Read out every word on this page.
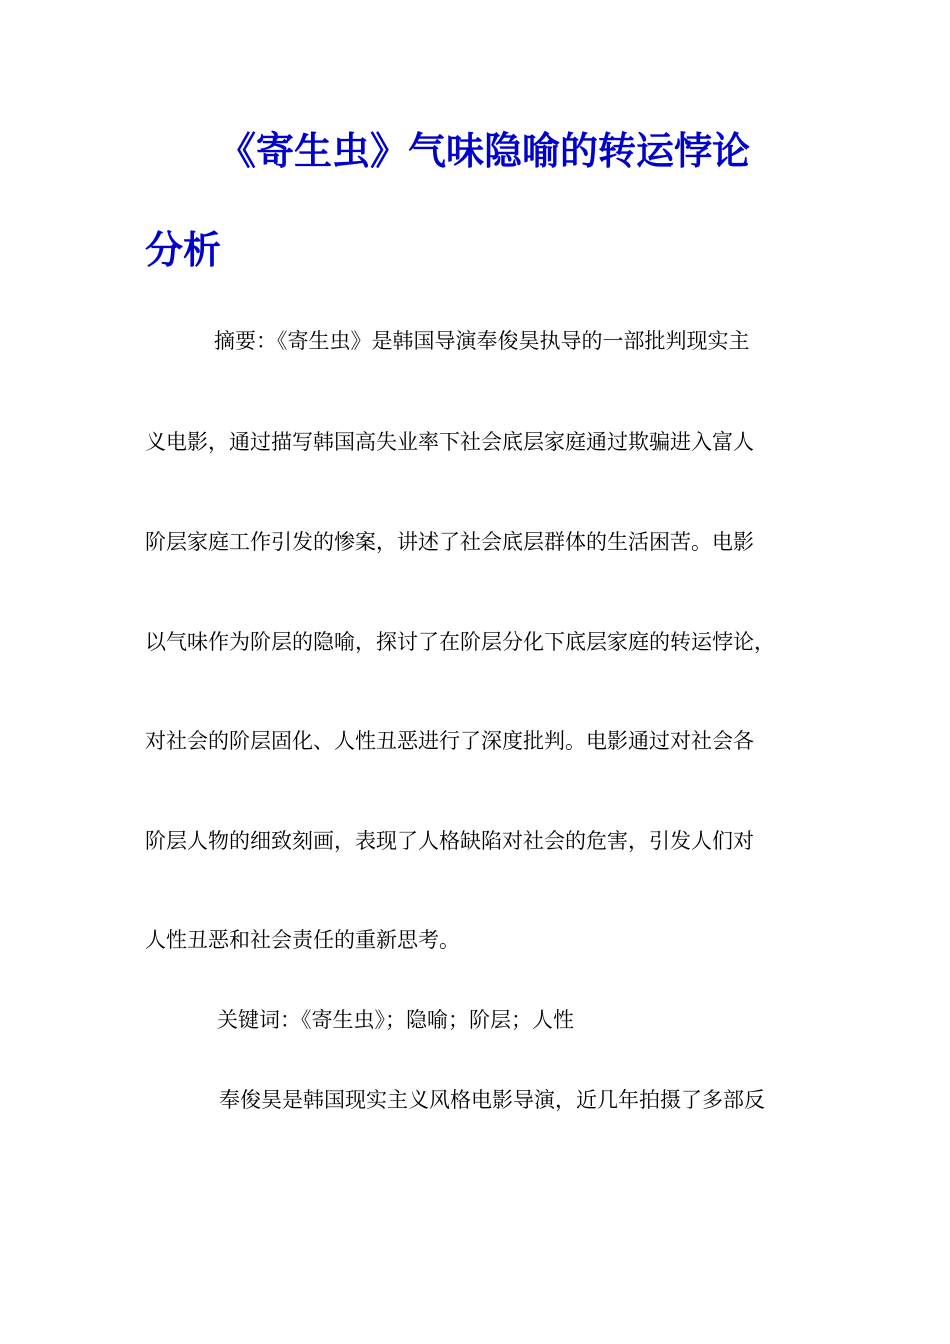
《寄生虫》气味隐喻的转运悖论
分析

摘要：《寄生虫》是韩国导演奉俊昊执导的一部批判现实主

义电影，通过描写韩国高失业率下社会底层家庭通过欺骗进入富人

阶层家庭工作引发的惨案，讲述了社会底层群体的生活困苦。电影

以气味作为阶层的隐喻，探讨了在阶层分化下底层家庭的转运悖论，

对社会的阶层固化、人性丑恶进行了深度批判。电影通过对社会各

阶层人物的细致刻画，表现了人格缺陷对社会的危害，引发人们对

人性丑恶和社会责任的重新思考。

关键词：《寄生虫》；隐喻；阶层；人性

奉俊昊是韩国现实主义风格电影导演，近几年拍摄了多部反
